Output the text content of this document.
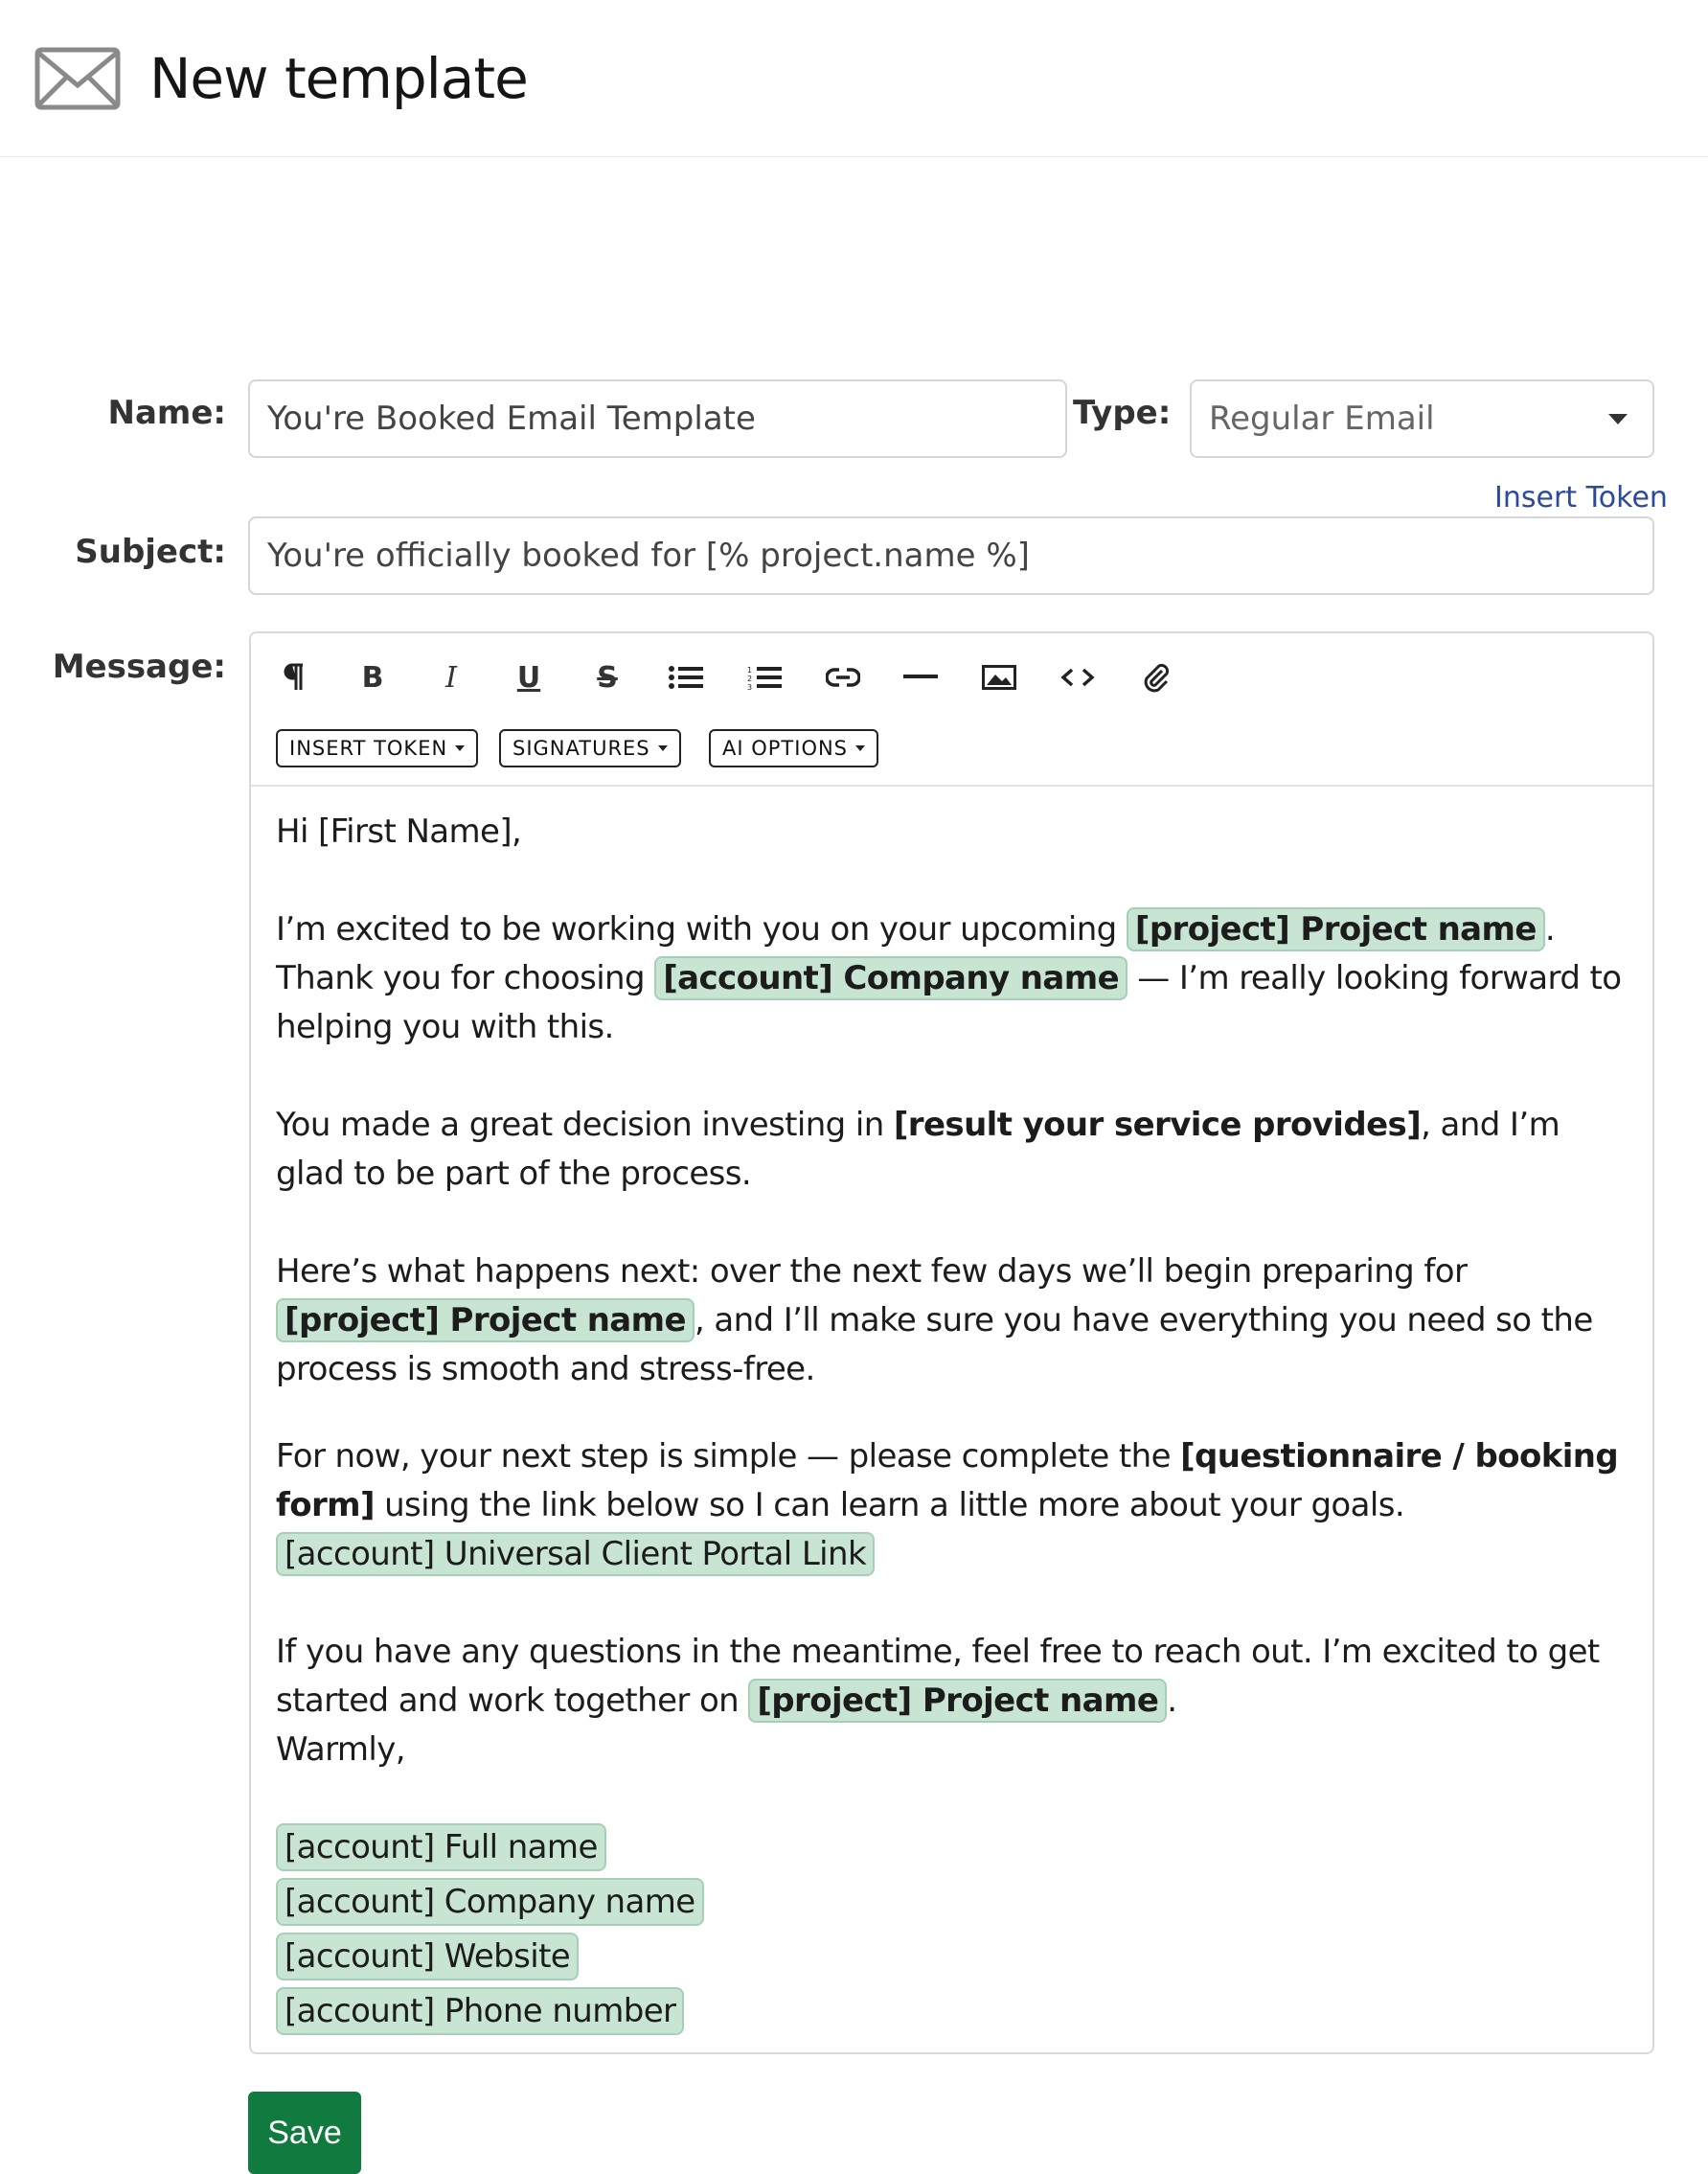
New template
Name: You're Booked Email Template	Type: Regular Email
Insert Token
Subject: You're officially booked for [% project.name %]
Message:	B	I	U	S	1
2
3
INSERT TOKEN	SIGNATURES	AI OPTIONS

Hi [First Name],

I’m excited to be working with you on your upcoming [project] Project name . Thank you for choosing [account] Company name — I’m really looking forward to helping you with this.

You made a great decision investing in [result your service provides], and I’m glad to be part of the process.

Here’s what happens next: over the next few days we’ll begin preparing for
[project] Project name , and I’ll make sure you have everything you need so the process is smooth and stress-free.

For now, your next step is simple — please complete the [questionnaire / booking form] using the link below so I can learn a little more about your goals.
[account] Universal Client Portal Link

If you have any questions in the meantime, feel free to reach out. I’m excited to get started and work together on [project] Project name .
Warmly,

[account] Full name
[account] Company name
[account] Website
[account] Phone number
Save
